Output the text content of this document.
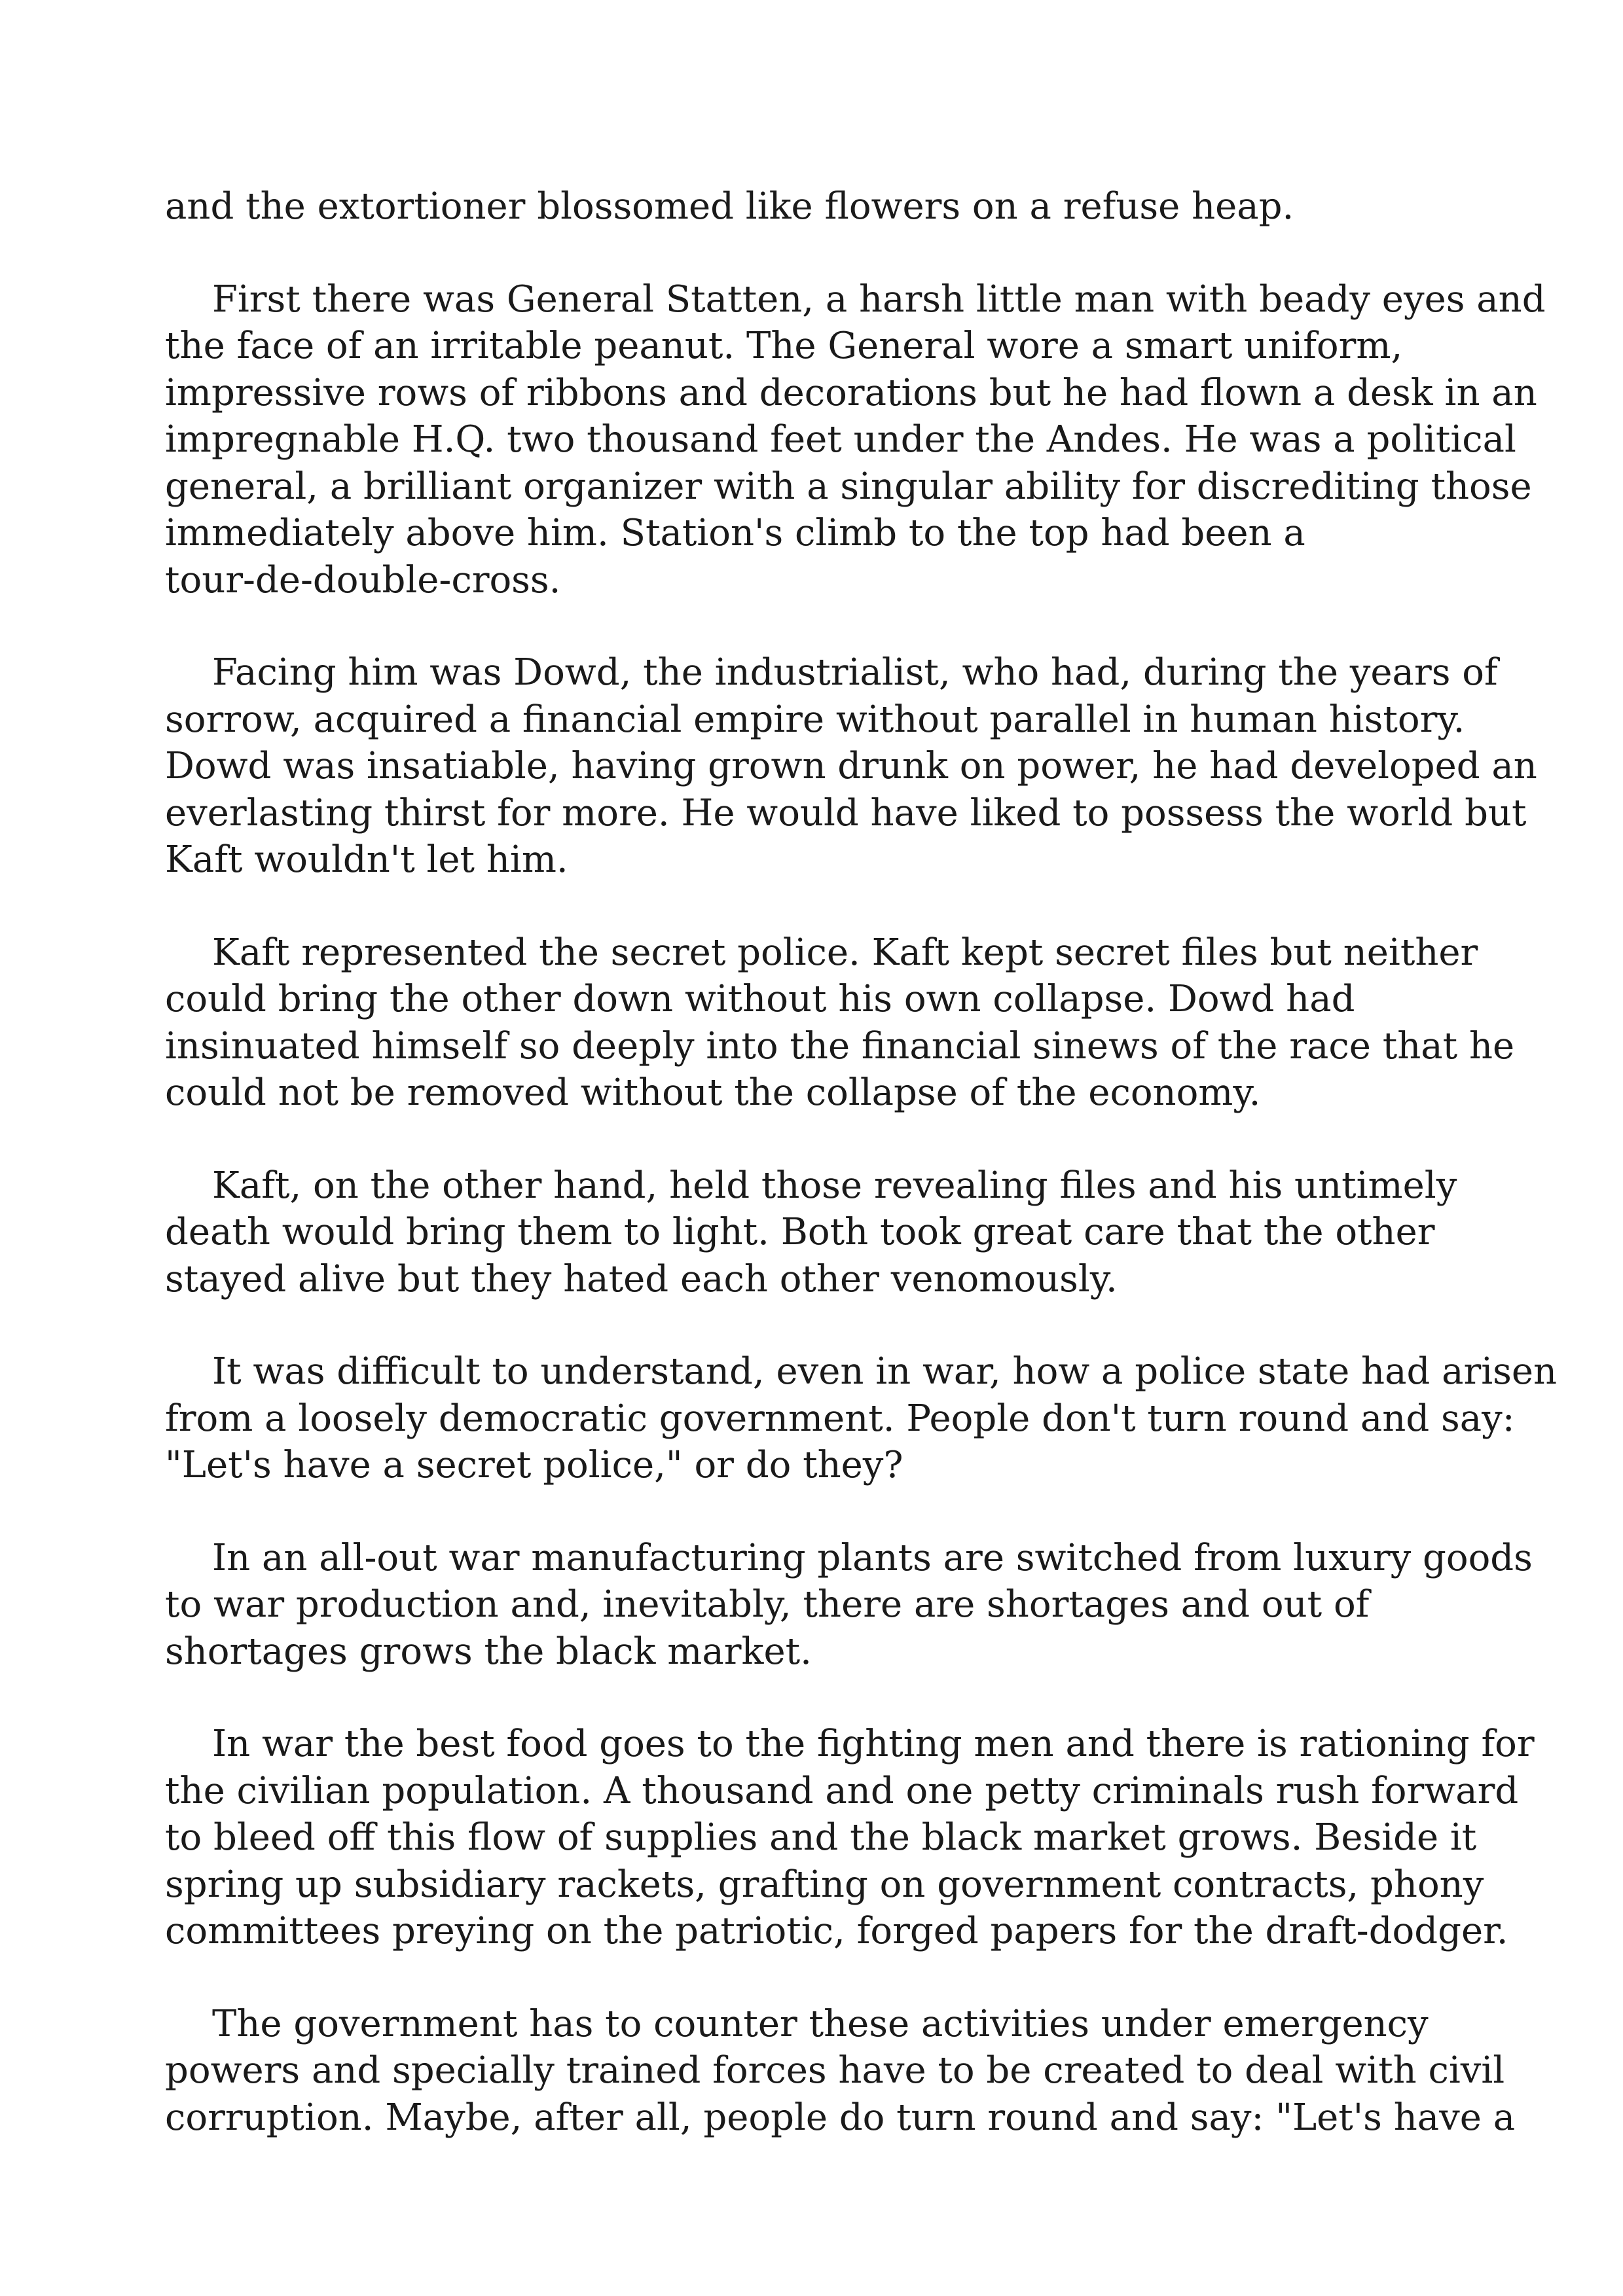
and the extortioner blossomed like flowers on a refuse heap.
First there was General Statten, a harsh little man with beady eyes and
the face of an irritable peanut. The General wore a smart uniform,
impressive rows of ribbons and decorations but he had flown a desk in an
impregnable H.Q. two thousand feet under the Andes. He was a political
general, a brilliant organizer with a singular ability for discrediting those
immediately above him. Station's climb to the top had been a
tour-de-double-cross.
Facing him was Dowd, the industrialist, who had, during the years of
sorrow, acquired a financial empire without parallel in human history.
Dowd was insatiable, having grown drunk on power, he had developed an
everlasting thirst for more. He would have liked to possess the world but
Kaft wouldn't let him.
Kaft represented the secret police. Kaft kept secret files but neither
could bring the other down without his own collapse. Dowd had
insinuated himself so deeply into the financial sinews of the race that he
could not be removed without the collapse of the economy.
Kaft, on the other hand, held those revealing files and his untimely
death would bring them to light. Both took great care that the other
stayed alive but they hated each other venomously.
It was difficult to understand, even in war, how a police state had arisen
from a loosely democratic government. People don't turn round and say:
"Let's have a secret police," or do they?
In an all-out war manufacturing plants are switched from luxury goods
to war production and, inevitably, there are shortages and out of
shortages grows the black market.
In war the best food goes to the fighting men and there is rationing for
the civilian population. A thousand and one petty criminals rush forward
to bleed off this flow of supplies and the black market grows. Beside it
spring up subsidiary rackets, grafting on government contracts, phony
committees preying on the patriotic, forged papers for the draft-dodger.
The government has to counter these activities under emergency
powers and specially trained forces have to be created to deal with civil
corruption. Maybe, after all, people do turn round and say: "Let's have a
